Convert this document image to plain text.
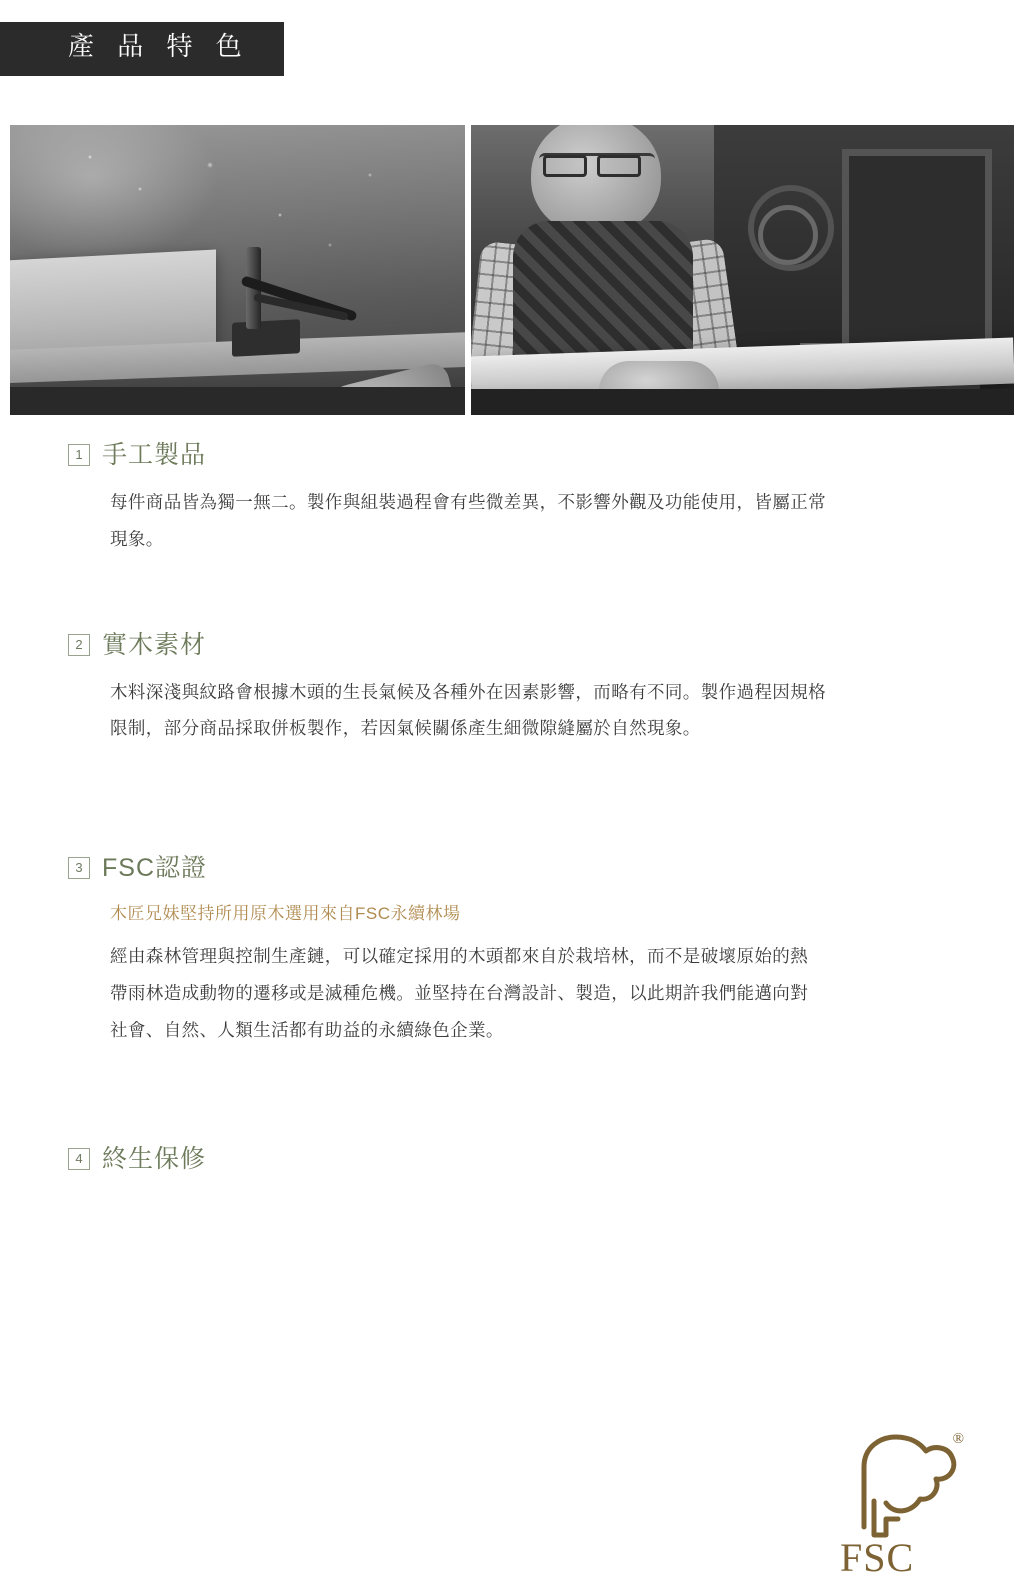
產 品 特 色
1 手工製品
每件商品皆為獨一無二。製作與組裝過程會有些微差異，不影響外觀及功能使用，皆屬正常現象。
2 實木素材
木料深淺與紋路會根據木頭的生長氣候及各種外在因素影響，而略有不同。製作過程因規格限制，部分商品採取併板製作，若因氣候關係產生細微隙縫屬於自然現象。
3 FSC認證
木匠兄妹堅持所用原木選用來自FSC永續林場
經由森林管理與控制生產鏈，可以確定採用的木頭都來自於栽培林，而不是破壞原始的熱帶雨林造成動物的遷移或是滅種危機。並堅持在台灣設計、製造，以此期許我們能邁向對社會、自然、人類生活都有助益的永續綠色企業。
®
FSC
4 終生保修
